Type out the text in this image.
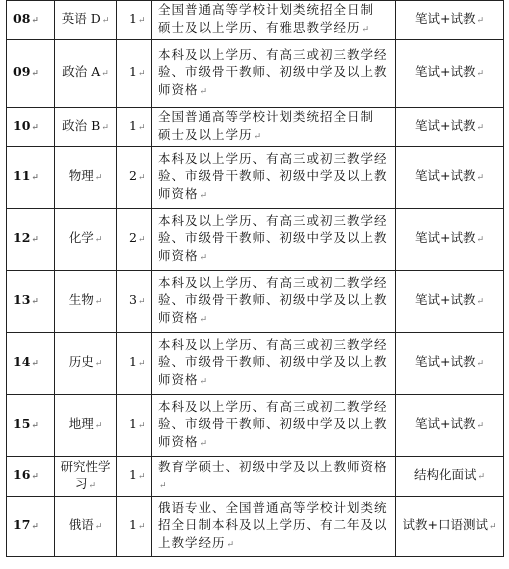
08↵	英语 D↵	1↵	全国普通高等学校计划类统招全日制
硕士及以上学历、有雅思教学经历↵	笔试+试教↵
09↵	政治 A↵	1↵	本科及以上学历、有高三或初三教学经
验、市级骨干教师、初级中学及以上教
师资格↵	笔试+试教↵
10↵	政治 B↵	1↵	全国普通高等学校计划类统招全日制
硕士及以上学历↵	笔试+试教↵
11↵	物理↵	2↵	本科及以上学历、有高三或初三教学经
验、市级骨干教师、初级中学及以上教
师资格↵	笔试+试教↵
12↵	化学↵	2↵	本科及以上学历、有高三或初三教学经
验、市级骨干教师、初级中学及以上教
师资格↵	笔试+试教↵
13↵	生物↵	3↵	本科及以上学历、有高三或初二教学经
验、市级骨干教师、初级中学及以上教
师资格↵	笔试+试教↵
14↵	历史↵	1↵	本科及以上学历、有高三或初三教学经
验、市级骨干教师、初级中学及以上教
师资格↵	笔试+试教↵
15↵	地理↵	1↵	本科及以上学历、有高三或初二教学经
验、市级骨干教师、初级中学及以上教
师资格↵	笔试+试教↵
16↵	研究性学习↵	1↵	教育学硕士、初级中学及以上教师资格↵	结构化面试↵
17↵	俄语↵	1↵	俄语专业、全国普通高等学校计划类统
招全日制本科及以上学历、有二年及以
上教学经历↵	试教+口语测试↵
